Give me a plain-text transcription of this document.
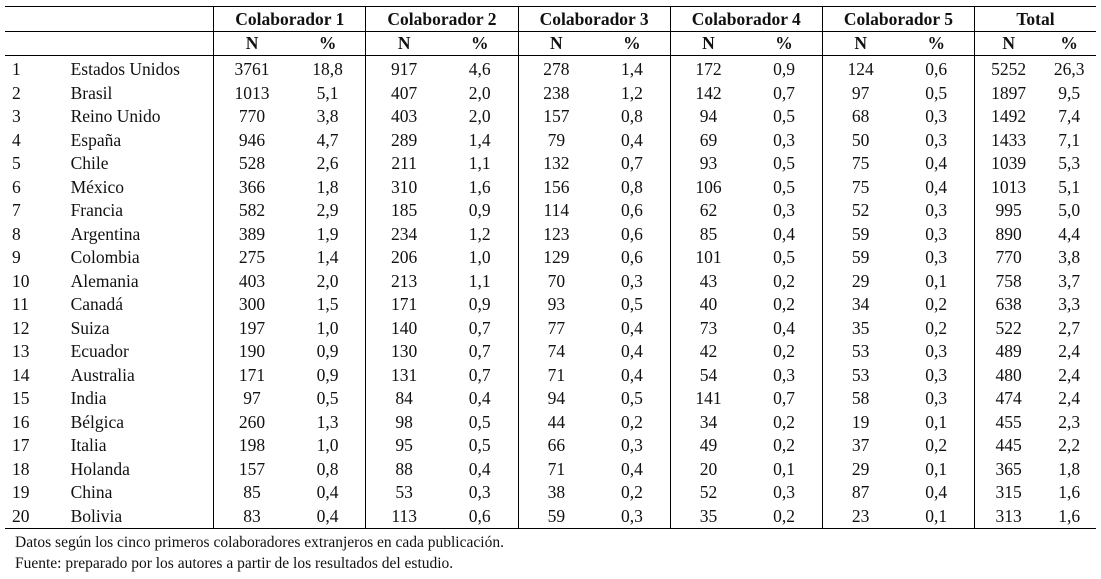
		Colaborador 1		Colaborador 2		Colaborador 3		Colaborador 4		Colaborador 5		Total	
		N	%	N	%	N	%	N	%	N	%	N	%
1	Estados Unidos	3761	18,8	917	4,6	278	1,4	172	0,9	124	0,6	5252	26,3
2	Brasil	1013	5,1	407	2,0	238	1,2	142	0,7	97	0,5	1897	9,5
3	Reino Unido	770	3,8	403	2,0	157	0,8	94	0,5	68	0,3	1492	7,4
4	España	946	4,7	289	1,4	79	0,4	69	0,3	50	0,3	1433	7,1
5	Chile	528	2,6	211	1,1	132	0,7	93	0,5	75	0,4	1039	5,3
6	México	366	1,8	310	1,6	156	0,8	106	0,5	75	0,4	1013	5,1
7	Francia	582	2,9	185	0,9	114	0,6	62	0,3	52	0,3	995	5,0
8	Argentina	389	1,9	234	1,2	123	0,6	85	0,4	59	0,3	890	4,4
9	Colombia	275	1,4	206	1,0	129	0,6	101	0,5	59	0,3	770	3,8
10	Alemania	403	2,0	213	1,1	70	0,3	43	0,2	29	0,1	758	3,7
11	Canadá	300	1,5	171	0,9	93	0,5	40	0,2	34	0,2	638	3,3
12	Suiza	197	1,0	140	0,7	77	0,4	73	0,4	35	0,2	522	2,7
13	Ecuador	190	0,9	130	0,7	74	0,4	42	0,2	53	0,3	489	2,4
14	Australia	171	0,9	131	0,7	71	0,4	54	0,3	53	0,3	480	2,4
15	India	97	0,5	84	0,4	94	0,5	141	0,7	58	0,3	474	2,4
16	Bélgica	260	1,3	98	0,5	44	0,2	34	0,2	19	0,1	455	2,3
17	Italia	198	1,0	95	0,5	66	0,3	49	0,2	37	0,2	445	2,2
18	Holanda	157	0,8	88	0,4	71	0,4	20	0,1	29	0,1	365	1,8
19	China	85	0,4	53	0,3	38	0,2	52	0,3	87	0,4	315	1,6
20	Bolivia	83	0,4	113	0,6	59	0,3	35	0,2	23	0,1	313	1,6
Datos según los cinco primeros colaboradores extranjeros en cada publicación.
Fuente: preparado por los autores a partir de los resultados del estudio.
